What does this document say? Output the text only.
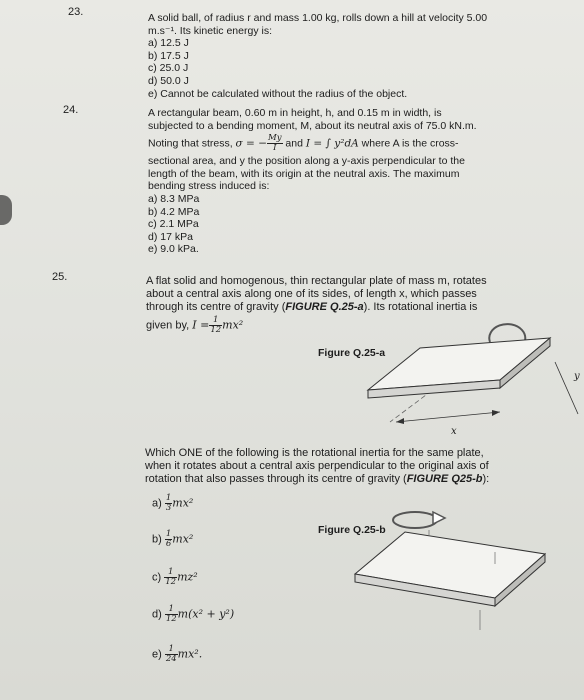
23.	A solid ball, of radius r and mass 1.00 kg, rolls down a hill at velocity 5.00

m.s⁻¹. Its kinetic energy is:

a) 12.5 J

b) 17.5 J

c) 25.0 J

d) 50.0 J

e) Cannot be calculated without the radius of the object.

24.	A rectangular beam, 0.60 m in height, h, and 0.15 m in width, is

subjected to a bending moment, M, about its neutral axis of 75.0 kN.m.

Noting that stress, σ = − $\frac{My}{I}$ and I = ∫ y²dA where A is the cross-

sectional area, and y the position along a y-axis perpendicular to the

length of the beam, with its origin at the neutral axis. The maximum

bending stress induced is:

a) 8.3 MPa

b) 4.2 MPa

c) 2.1 MPa

d) 17 kPa

e) 9.0 kPa.

25.	A flat solid and homogenous, thin rectangular plate of mass m, rotates

about a central axis along one of its sides, of length x, which passes

through its centre of gravity (FIGURE Q.25-a). Its rotational inertia is

given by, $I = \frac{1}{12} mx^2$

Figure Q.25-a
y
x

Which ONE of the following is the rotational inertia for the same plate,

when it rotates about a central axis perpendicular to the original axis of

rotation that also passes through its centre of gravity (FIGURE Q25-b):

Figure Q.25-b
$a) \frac{1}{3} mx^2$
$b) \frac{1}{6} mx^2$
$c) \frac{1}{12} mz^2$
$d) \frac{1}{12} m(x^2 + y^2)$
$e) \frac{1}{24} mx^2$.
